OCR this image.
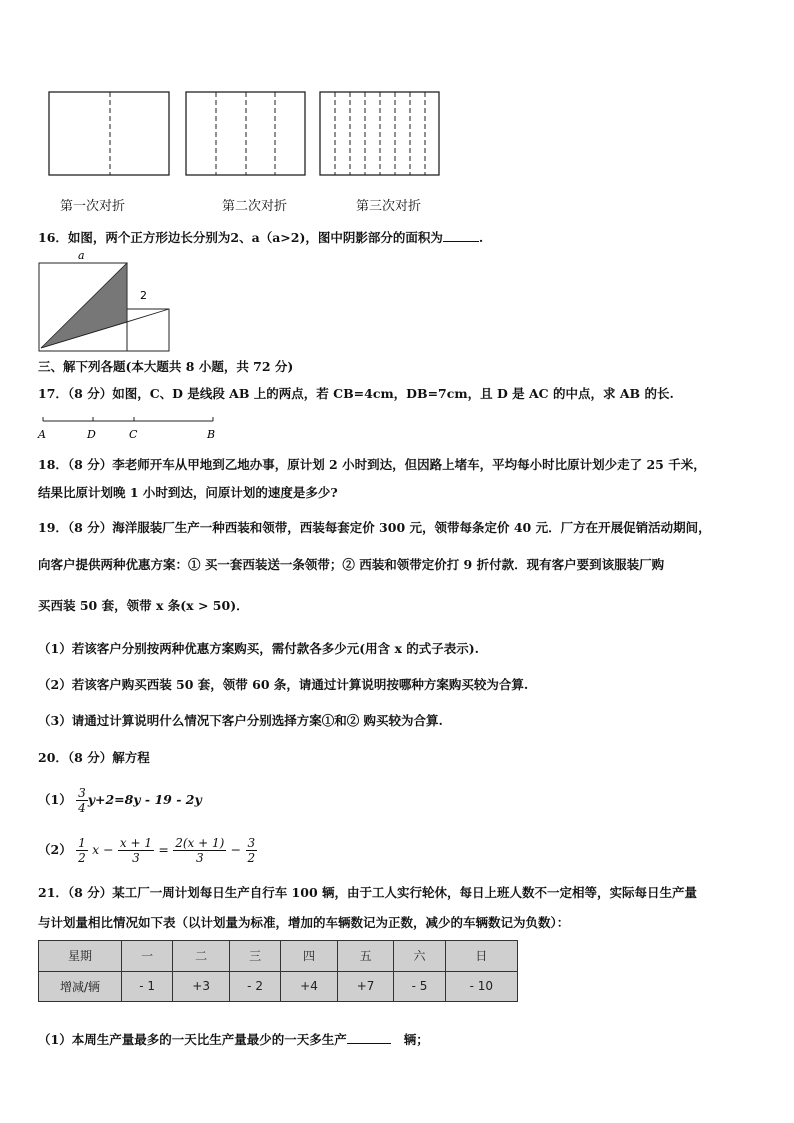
第一次对折	第二次对折	第三次对折
16．如图，两个正方形边长分别为2、a（a>2)，图中阴影部分的面积为	.
a
2
三、解下列各题(本大题共 8 小题，共 72 分)
17．（8 分）如图，C、D 是线段 AB 上的两点，若 CB=4cm，DB=7cm，且 D 是 AC 的中点，求 AB 的长.
A	D	C	B
18．（8 分）李老师开车从甲地到乙地办事，原计划 2 小时到达，但因路上堵车，平均每小时比原计划少走了 25 千米，
结果比原计划晚 1 小时到达，问原计划的速度是多少?
19．（8 分）海洋服装厂生产一种西装和领带，西装每套定价 300 元，领带每条定价 40 元．厂方在开展促销活动期间，
向客户提供两种优惠方案：① 买一套西装送一条领带；② 西装和领带定价打 9 折付款．现有客户要到该服装厂购
买西装 50 套，领带 x 条(x > 50)．
（1）若该客户分别按两种优惠方案购买，需付款各多少元(用含 x 的式子表示).
（2）若该客户购买西装 50 套，领带 60 条，请通过计算说明按哪种方案购买较为合算.
（3）请通过计算说明什么情况下客户分别选择方案①和② 购买较为合算.
20．（8 分）解方程
$(1) \frac{3}{4} y+2=8y - 19 - 2y$
$(2) \frac{1}{2}$ $x - \frac{x + 1}{3} = \frac{2(x + 1)}{3} - \frac{3}{2}$
21．（8 分）某工厂一周计划每日生产自行车 100 辆，由于工人实行轮休，每日上班人数不一定相等，实际每日生产量
与计划量相比情况如下表（以计划量为标准，增加的车辆数记为正数，减少的车辆数记为负数）：
星期	一	二	三	四	五	六	日
增减/辆	- 1	+3	- 2	+4	+7	- 5	- 10
（1）本周生产量最多的一天比生产量最少的一天多生产	辆；
